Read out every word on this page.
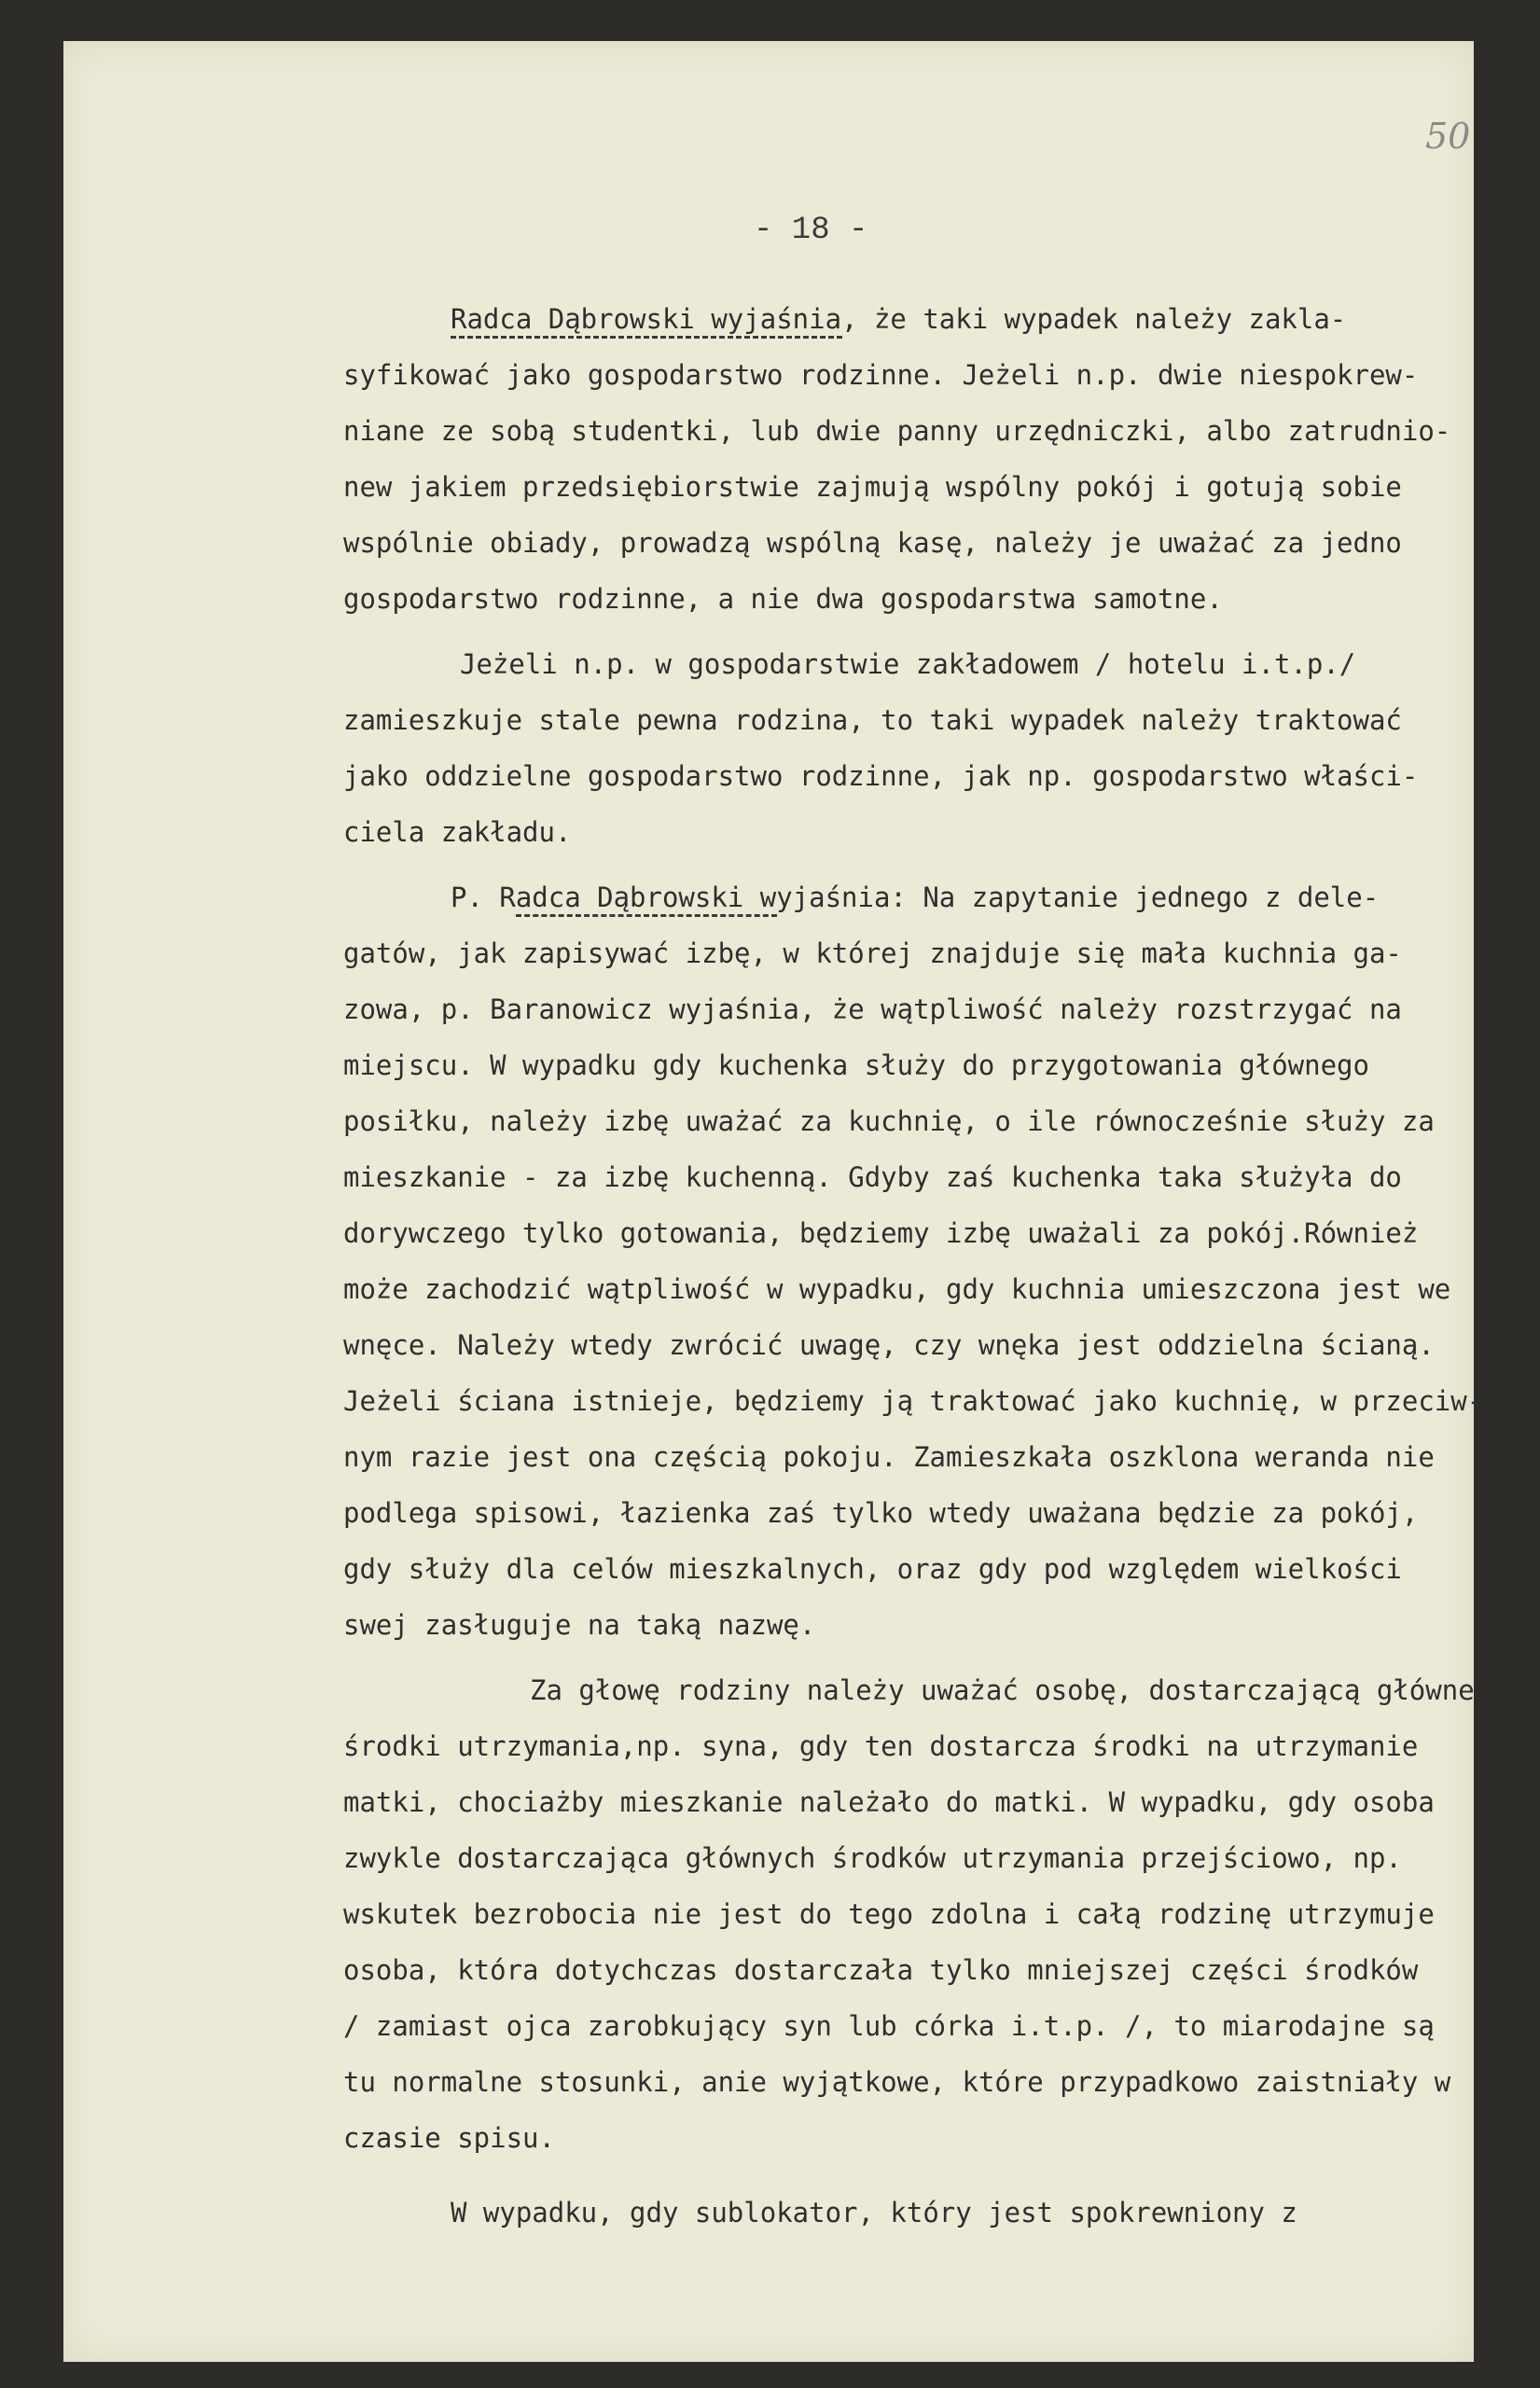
50
- 18 -
Radca Dąbrowski wyjaśnia, że taki wypadek należy zakla-
syfikować jako gospodarstwo rodzinne. Jeżeli n.p. dwie niespokrew-
niane ze sobą studentki, lub dwie panny urzędniczki, albo zatrudnio-
new jakiem przedsiębiorstwie zajmują wspólny pokój i gotują sobie
wspólnie obiady, prowadzą wspólną kasę, należy je uważać za jedno
gospodarstwo rodzinne, a nie dwa gospodarstwa samotne.
Jeżeli n.p. w gospodarstwie zakładowem / hotelu i.t.p./
zamieszkuje stale pewna rodzina, to taki wypadek należy traktować
jako oddzielne gospodarstwo rodzinne, jak np. gospodarstwo właści-
ciela zakładu.
P. Radca Dąbrowski wyjaśnia: Na zapytanie jednego z dele-
gatów, jak zapisywać izbę, w której znajduje się mała kuchnia ga-
zowa, p. Baranowicz wyjaśnia, że wątpliwość należy rozstrzygać na
miejscu. W wypadku gdy kuchenka służy do przygotowania głównego
posiłku, należy izbę uważać za kuchnię, o ile równocześnie służy za
mieszkanie - za izbę kuchenną. Gdyby zaś kuchenka taka służyła do
dorywczego tylko gotowania, będziemy izbę uważali za pokój.Również
może zachodzić wątpliwość w wypadku, gdy kuchnia umieszczona jest we
wnęce. Należy wtedy zwrócić uwagę, czy wnęka jest oddzielna ścianą.
Jeżeli ściana istnieje, będziemy ją traktować jako kuchnię, w przeciw-
nym razie jest ona częścią pokoju. Zamieszkała oszklona weranda nie
podlega spisowi, łazienka zaś tylko wtedy uważana będzie za pokój,
gdy służy dla celów mieszkalnych, oraz gdy pod względem wielkości
swej zasługuje na taką nazwę.
Za głowę rodziny należy uważać osobę, dostarczającą główne
środki utrzymania,np. syna, gdy ten dostarcza środki na utrzymanie
matki, chociażby mieszkanie należało do matki. W wypadku, gdy osoba
zwykle dostarczająca głównych środków utrzymania przejściowo, np.
wskutek bezrobocia nie jest do tego zdolna i całą rodzinę utrzymuje
osoba, która dotychczas dostarczała tylko mniejszej części środków
/ zamiast ojca zarobkujący syn lub córka i.t.p. /, to miarodajne są
tu normalne stosunki, anie wyjątkowe, które przypadkowo zaistniały w
czasie spisu.
W wypadku, gdy sublokator, który jest spokrewniony z
